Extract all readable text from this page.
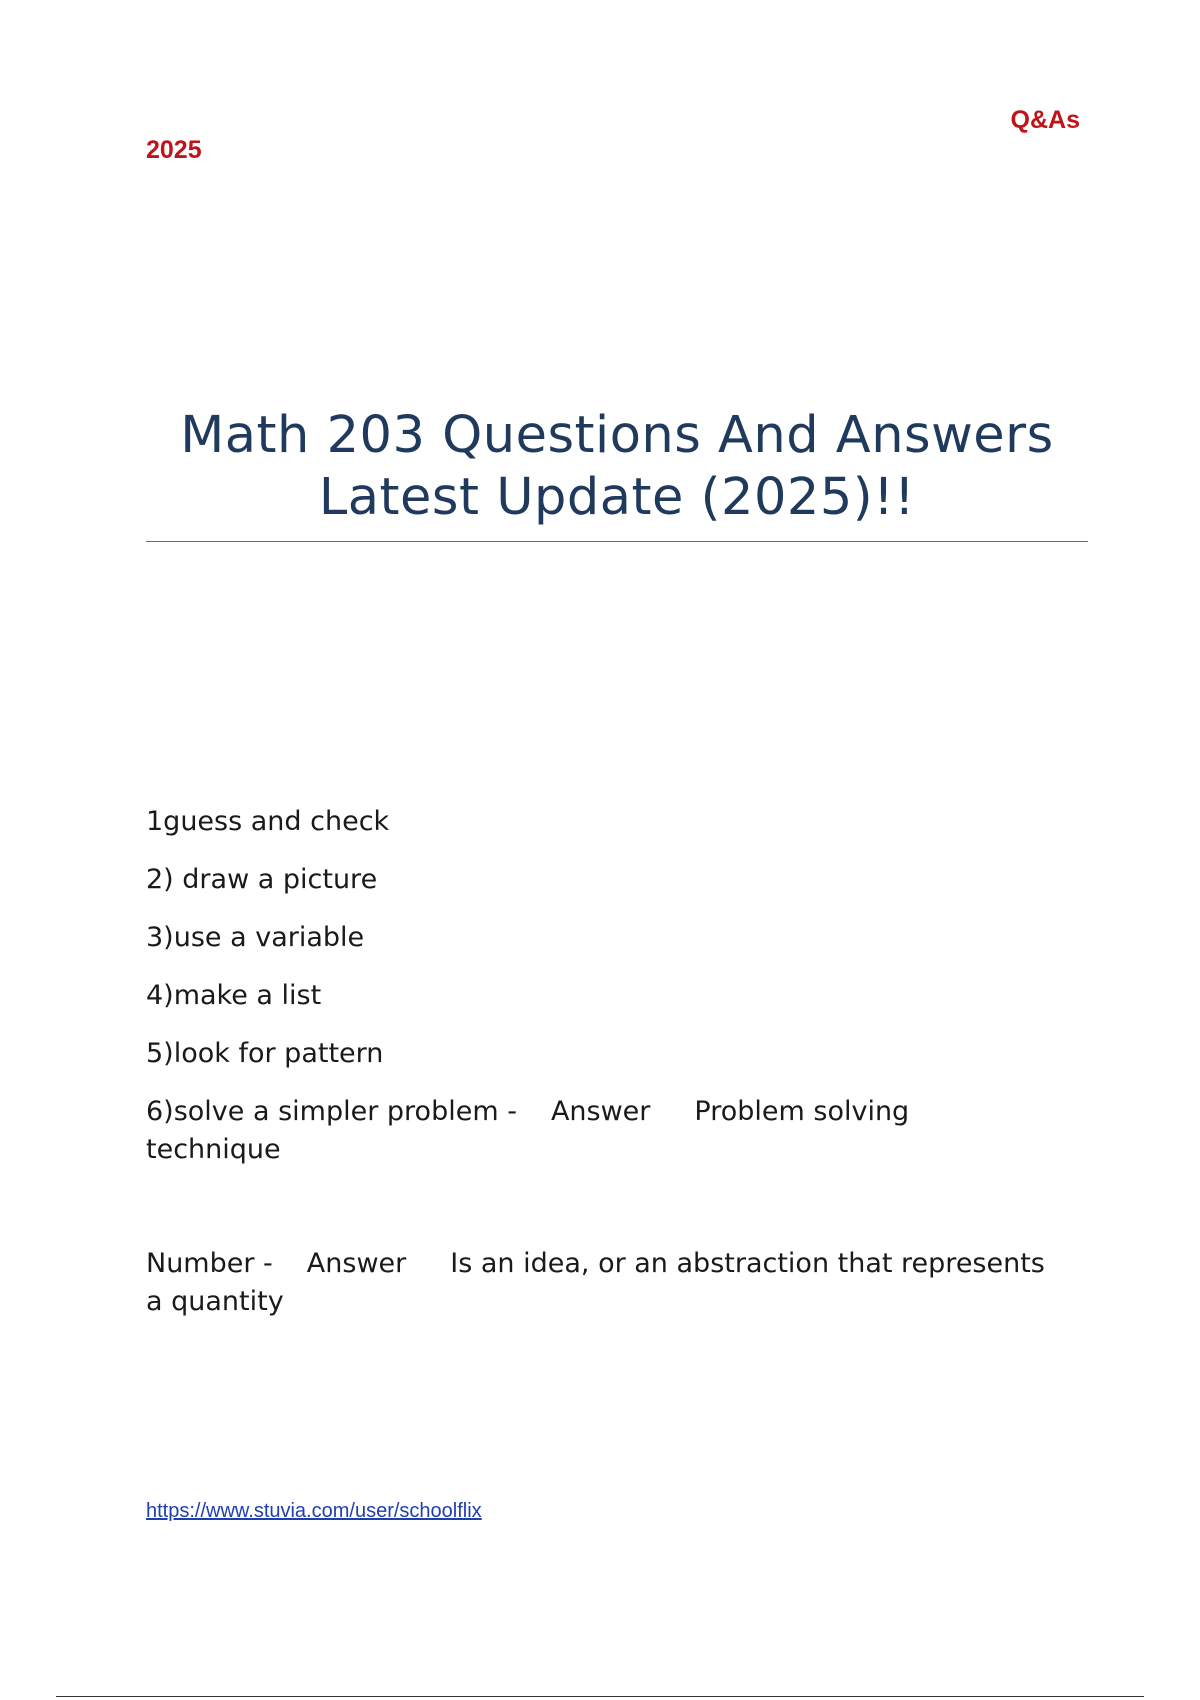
2025
Q&As
Math 203 Questions And Answers
Latest Update (2025)!!

1guess and check

2) draw a picture

3)use a variable

4)make a list

5)look for pattern

6)solve a simpler problem - Answer Problem solving

technique

Number - Answer Is an idea, or an abstraction that represents

a quantity

https://www.stuvia.com/user/schoolflix
